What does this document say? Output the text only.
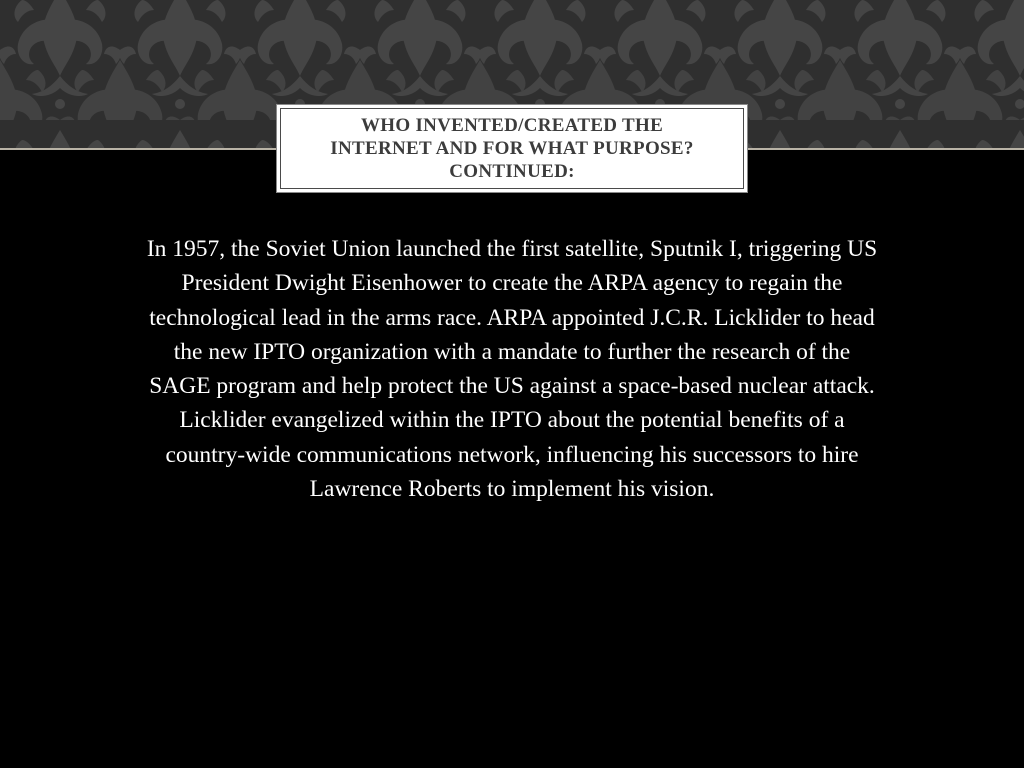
WHO INVENTED/CREATED THE
INTERNET AND FOR WHAT PURPOSE?
CONTINUED:
In 1957, the Soviet Union launched the first satellite, Sputnik I, triggering US
President Dwight Eisenhower to create the ARPA agency to regain the
technological lead in the arms race. ARPA appointed J.C.R. Licklider to head
the new IPTO organization with a mandate to further the research of the
SAGE program and help protect the US against a space-based nuclear attack.
Licklider evangelized within the IPTO about the potential benefits of a
country-wide communications network, influencing his successors to hire
Lawrence Roberts to implement his vision.
